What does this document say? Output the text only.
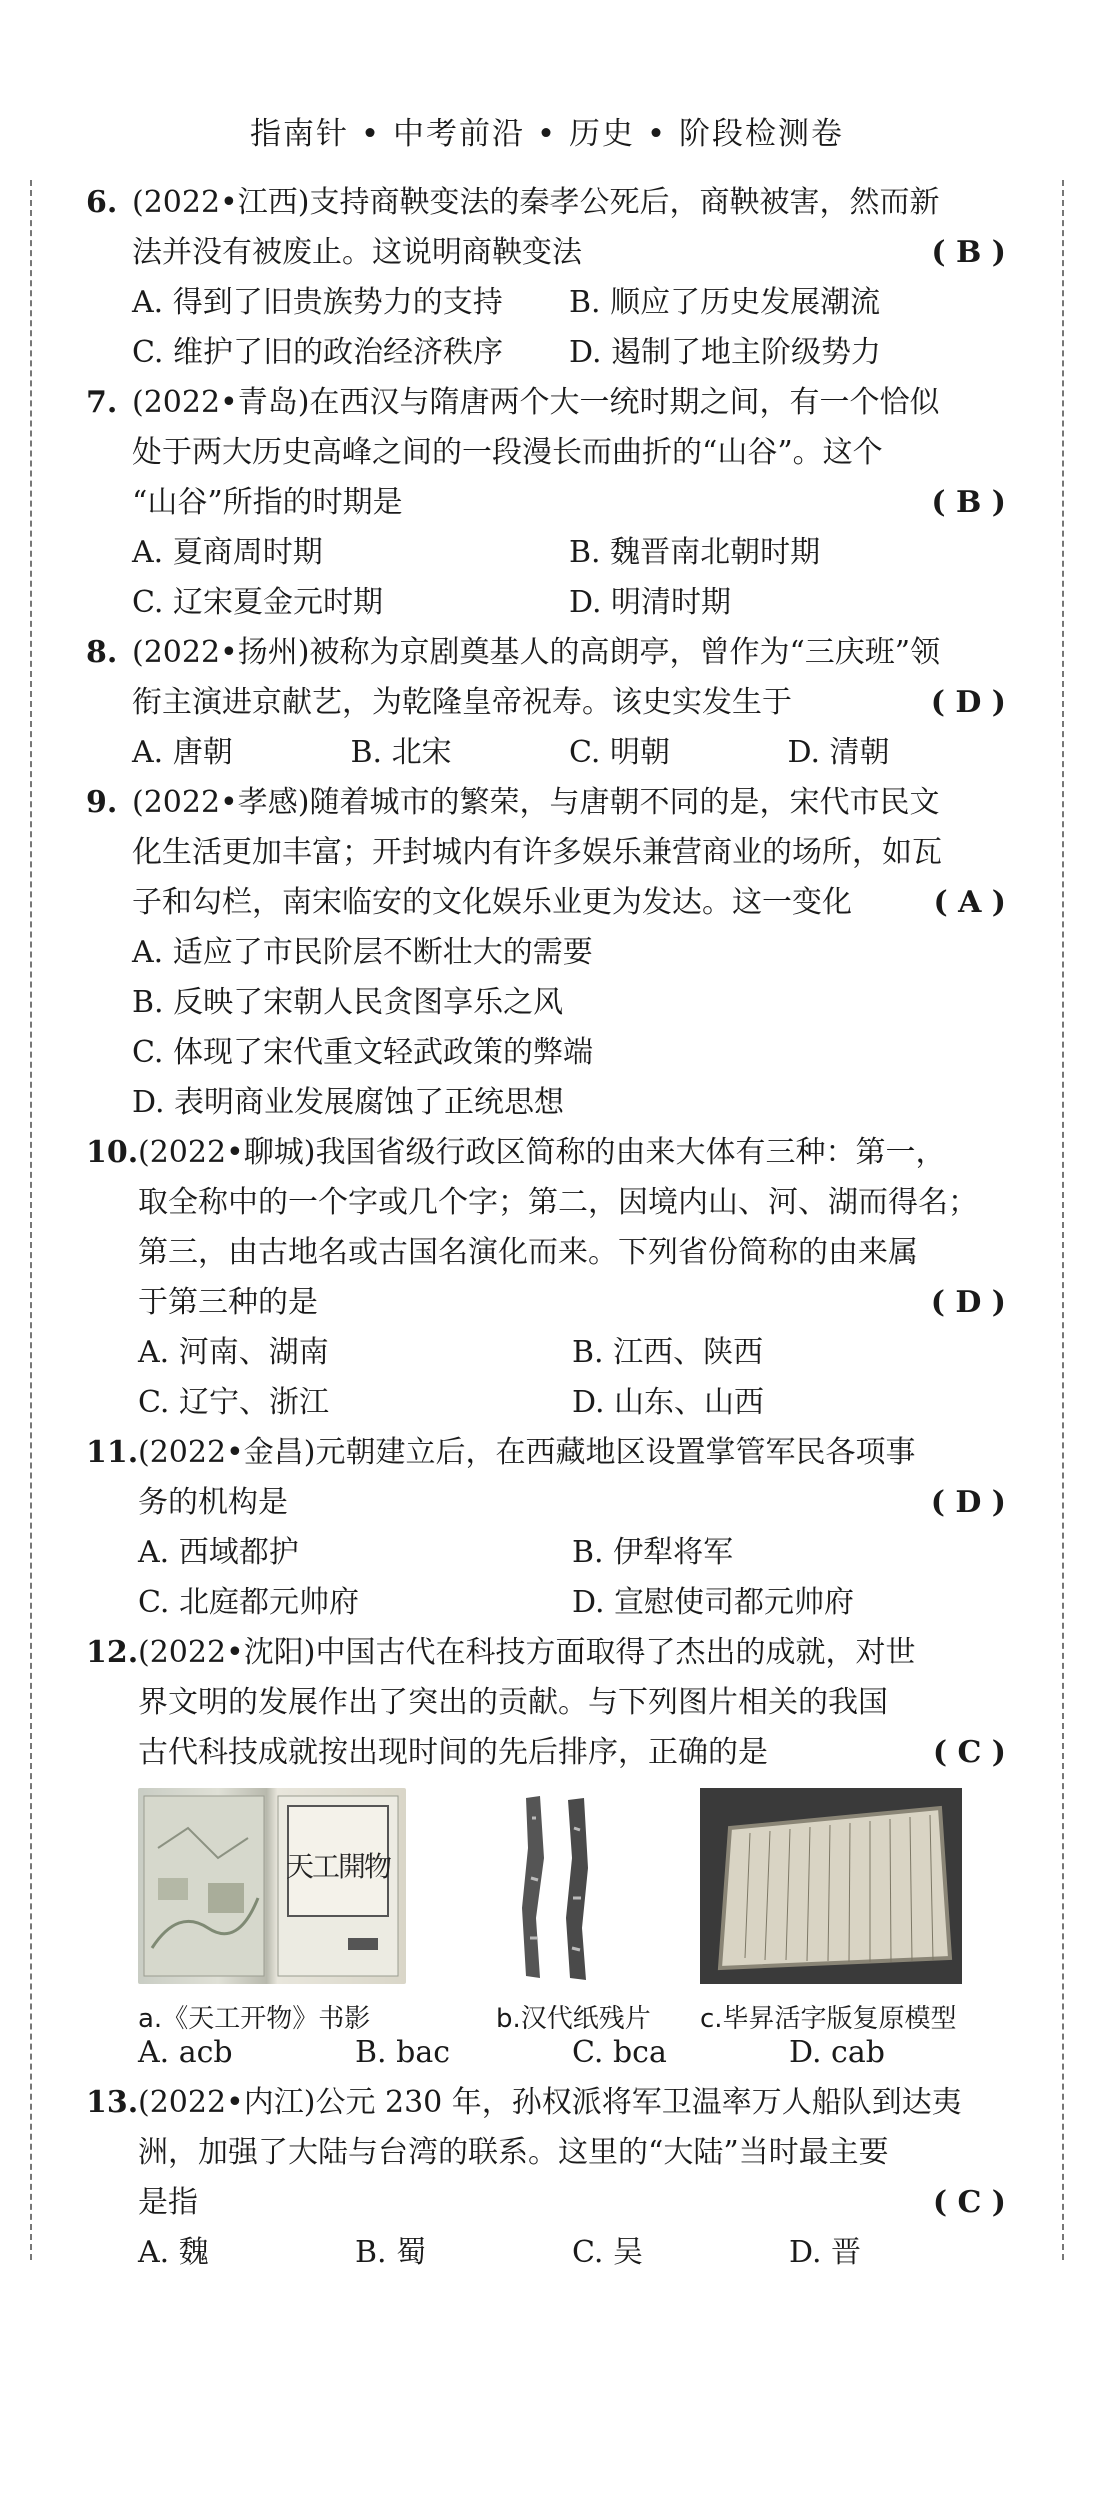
指南针 • 中考前沿 • 历史 • 阶段检测卷
6. (2022•江西)支持商鞅变法的秦孝公死后，商鞅被害，然而新
法并没有被废止。这说明商鞅变法	( B )
A. 得到了旧贵族势力的支持	B. 顺应了历史发展潮流
C. 维护了旧的政治经济秩序	D. 遏制了地主阶级势力
7. (2022•青岛)在西汉与隋唐两个大一统时期之间，有一个恰似
处于两大历史高峰之间的一段漫长而曲折的“山谷”。这个
“山谷”所指的时期是	( B )
A. 夏商周时期	B. 魏晋南北朝时期
C. 辽宋夏金元时期	D. 明清时期
8. (2022•扬州)被称为京剧奠基人的高朗亭，曾作为“三庆班”领
衔主演进京献艺，为乾隆皇帝祝寿。该史实发生于	( D )
A. 唐朝	B. 北宋	C. 明朝	D. 清朝
9. (2022•孝感)随着城市的繁荣，与唐朝不同的是，宋代市民文
化生活更加丰富；开封城内有许多娱乐兼营商业的场所，如瓦
子和勾栏，南宋临安的文化娱乐业更为发达。这一变化	( A )
A. 适应了市民阶层不断壮大的需要
B. 反映了宋朝人民贪图享乐之风
C. 体现了宋代重文轻武政策的弊端
D. 表明商业发展腐蚀了正统思想
10. (2022•聊城)我国省级行政区简称的由来大体有三种：第一，
取全称中的一个字或几个字；第二，因境内山、河、湖而得名；
第三，由古地名或古国名演化而来。下列省份简称的由来属
于第三种的是	( D )
A. 河南、湖南	B. 江西、陕西
C. 辽宁、浙江	D. 山东、山西
11. (2022•金昌)元朝建立后，在西藏地区设置掌管军民各项事
务的机构是	( D )
A. 西域都护	B. 伊犁将军
C. 北庭都元帅府	D. 宣慰使司都元帅府
12. (2022•沈阳)中国古代在科技方面取得了杰出的成就，对世
界文明的发展作出了突出的贡献。与下列图片相关的我国
古代科技成就按出现时间的先后排序，正确的是	( C )
天工開物
a.《天工开物》书影	b.汉代纸残片 c.毕昇活字版复原模型
A. acb	B. bac	C. bca	D. cab
13. (2022•内江)公元 230 年，孙权派将军卫温率万人船队到达夷
洲，加强了大陆与台湾的联系。这里的“大陆”当时最主要
是指	( C )
A. 魏	B. 蜀	C. 吴	D. 晋
